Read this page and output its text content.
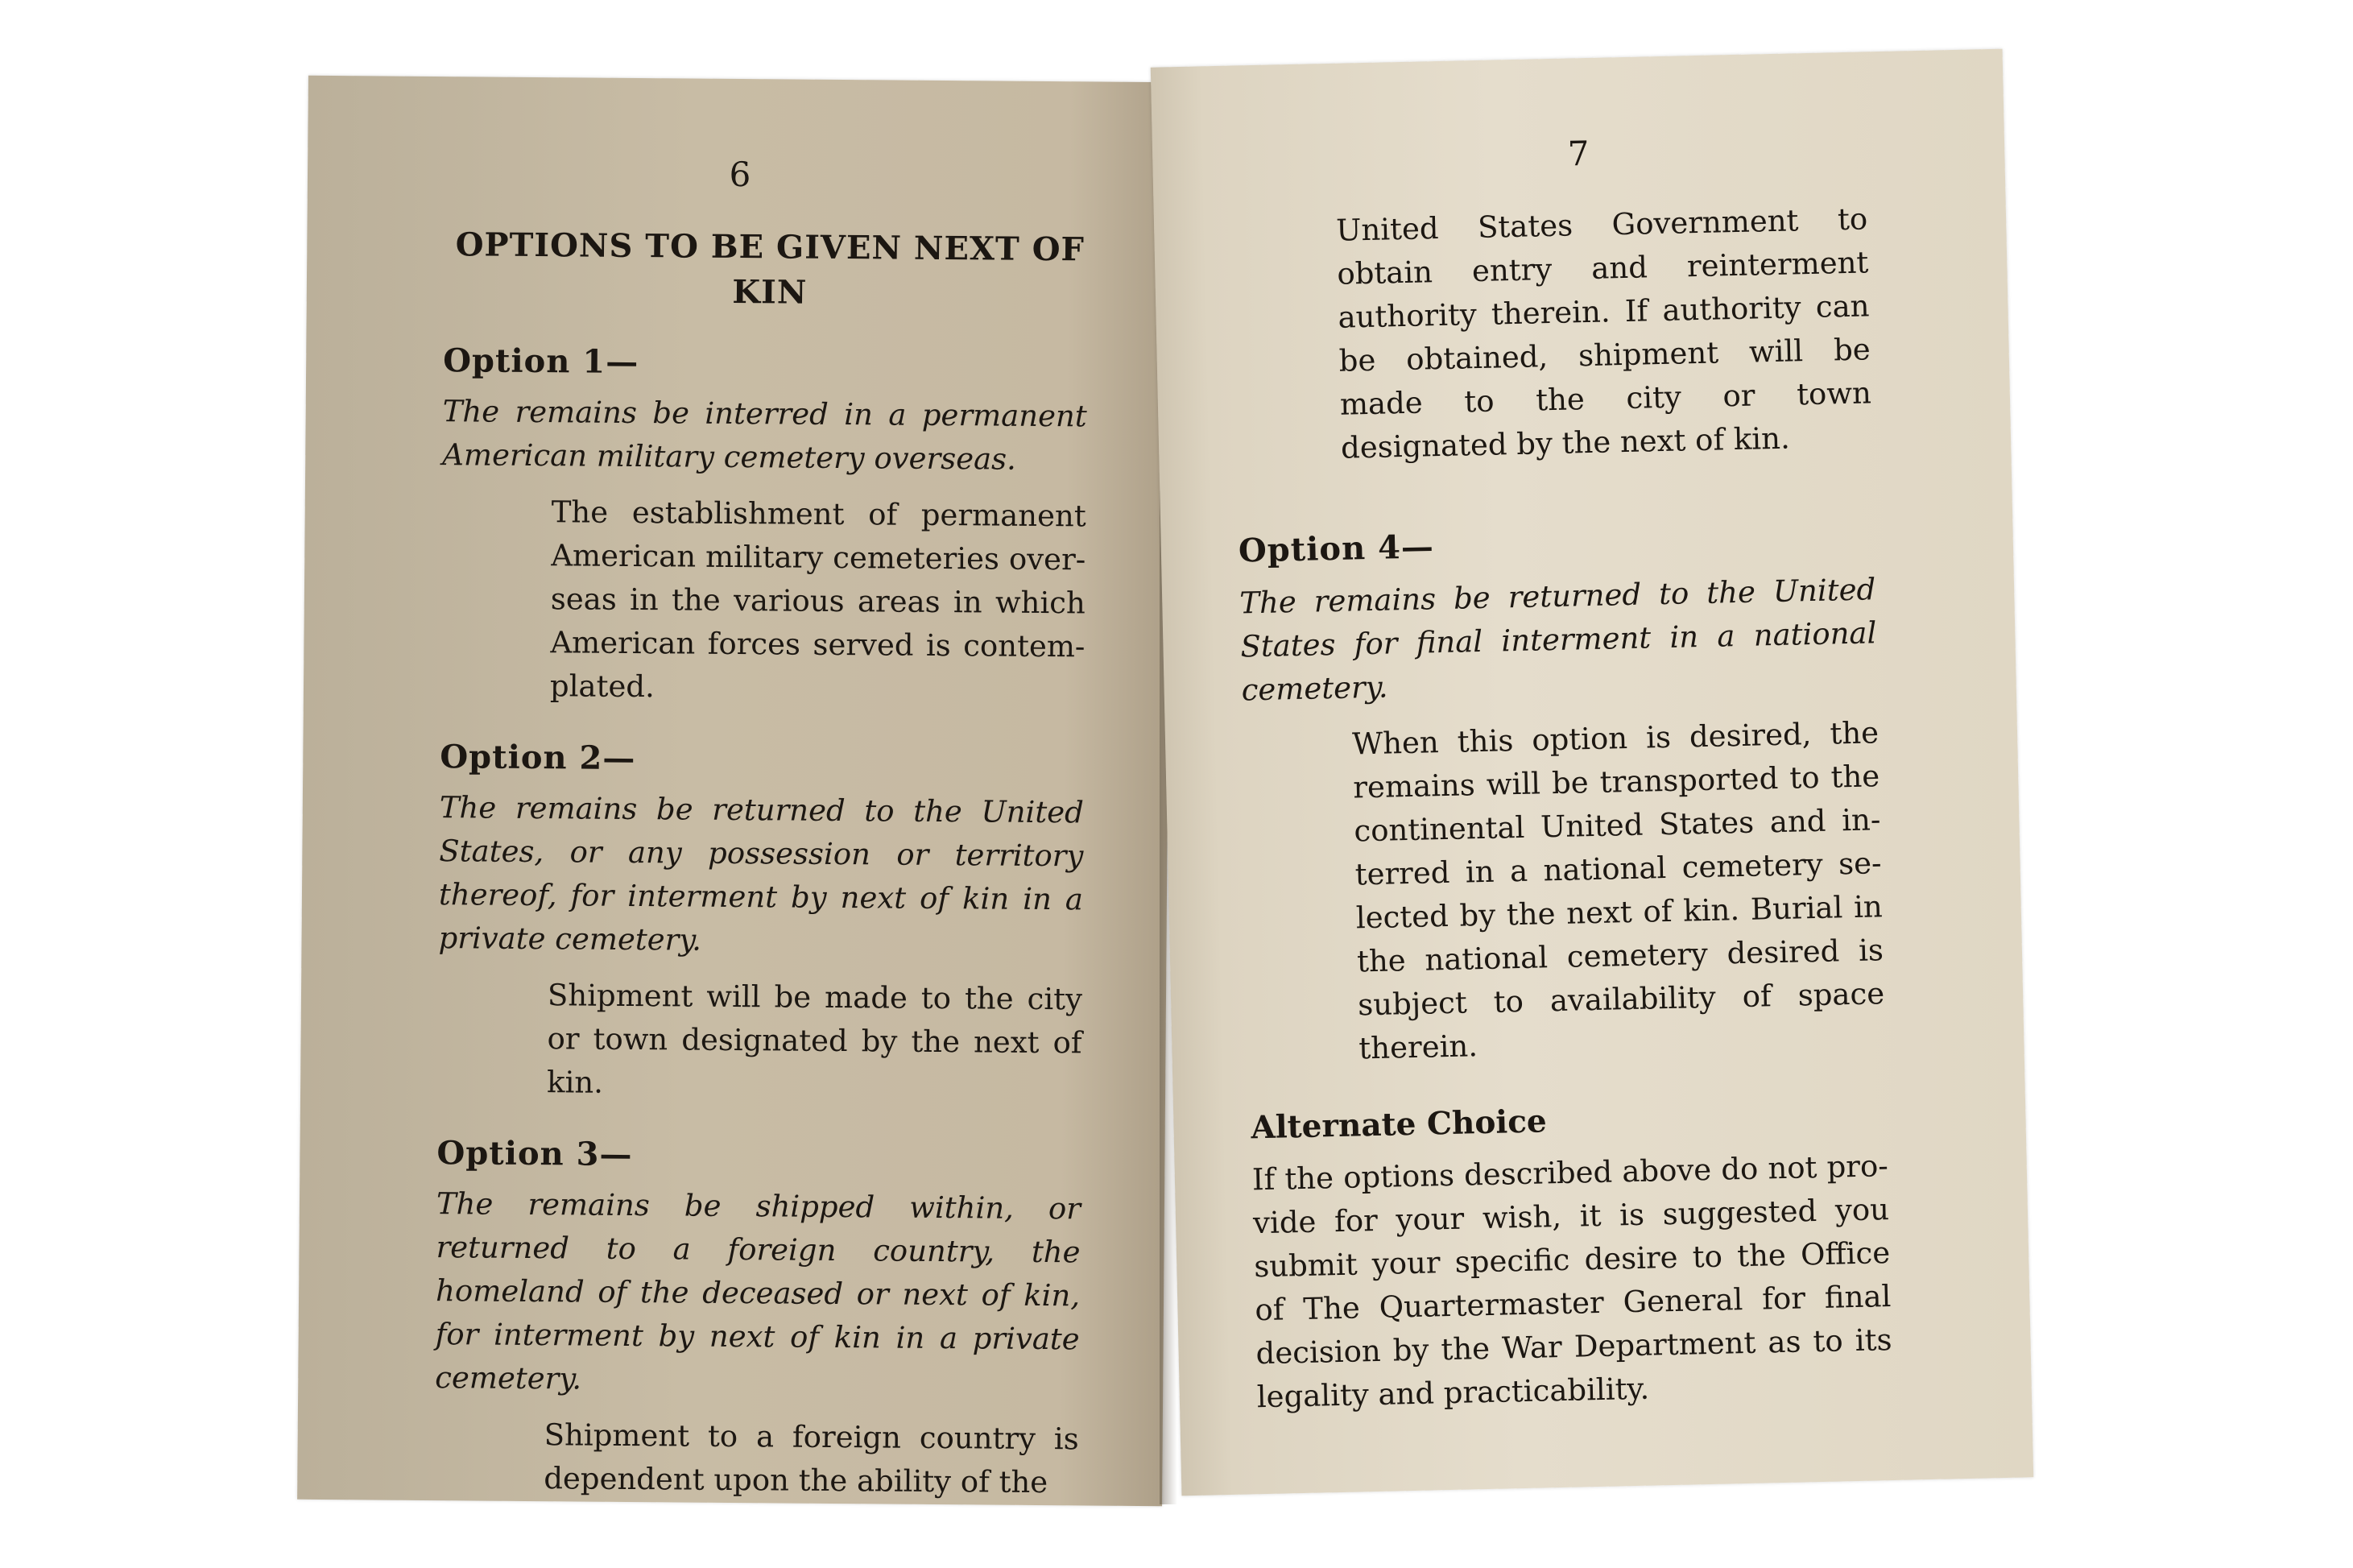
6
OPTIONS TO BE GIVEN NEXT OF KIN
Option 1—
The remains be interred in a permanent American military cemetery overseas.
The establishment of permanent American military cemeteries overseas in the various areas in which American forces served is contemplated.
Option 2—
The remains be returned to the United States, or any possession or territory thereof, for interment by next of kin in a private cemetery.
Shipment will be made to the city or town designated by the next of kin.
Option 3—
The remains be shipped within, or returned to a foreign country, the homeland of the deceased or next of kin, for interment by next of kin in a private cemetery.
Shipment to a foreign country is dependent upon the ability of the
7
United States Government to obtain entry and reinterment authority therein. If authority can be obtained, shipment will be made to the city or town designated by the next of kin.
Option 4—
The remains be returned to the United States for final interment in a national cemetery.
When this option is desired, the remains will be transported to the continental United States and interred in a national cemetery selected by the next of kin. Burial in the national cemetery desired is subject to availability of space therein.
Alternate Choice
If the options described above do not provide for your wish, it is suggested you submit your specific desire to the Office of The Quartermaster General for final decision by the War Department as to its legality and practicability.
